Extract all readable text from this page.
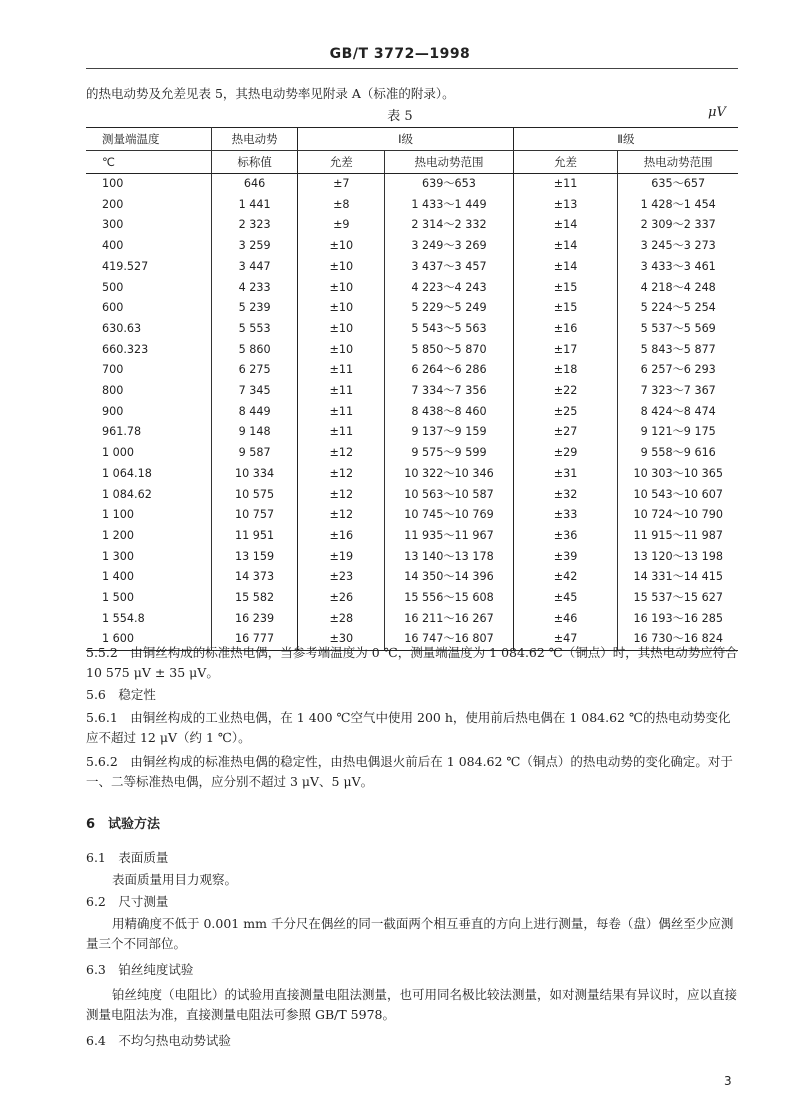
GB/T 3772—1998
的热电动势及允差见表 5，其热电动势率见附录 A（标准的附录）。
表 5	μV
测量端温度	热电动势	Ⅰ级		Ⅱ级	
℃	标称值	允差	热电动势范围	允差	热电动势范围
100	646	±7	639～653	±11	635～657
200	1 441	±8	1 433～1 449	±13	1 428～1 454
300	2 323	±9	2 314～2 332	±14	2 309～2 337
400	3 259	±10	3 249～3 269	±14	3 245～3 273
419.527	3 447	±10	3 437～3 457	±14	3 433～3 461
500	4 233	±10	4 223～4 243	±15	4 218～4 248
600	5 239	±10	5 229～5 249	±15	5 224～5 254
630.63	5 553	±10	5 543～5 563	±16	5 537～5 569
660.323	5 860	±10	5 850～5 870	±17	5 843～5 877
700	6 275	±11	6 264～6 286	±18	6 257～6 293
800	7 345	±11	7 334～7 356	±22	7 323～7 367
900	8 449	±11	8 438～8 460	±25	8 424～8 474
961.78	9 148	±11	9 137～9 159	±27	9 121～9 175
1 000	9 587	±12	9 575～9 599	±29	9 558～9 616
1 064.18	10 334	±12	10 322～10 346	±31	10 303～10 365
1 084.62	10 575	±12	10 563～10 587	±32	10 543～10 607
1 100	10 757	±12	10 745～10 769	±33	10 724～10 790
1 200	11 951	±16	11 935～11 967	±36	11 915～11 987
1 300	13 159	±19	13 140～13 178	±39	13 120～13 198
1 400	14 373	±23	14 350～14 396	±42	14 331～14 415
1 500	15 582	±26	15 556～15 608	±45	15 537～15 627
1 554.8	16 239	±28	16 211～16 267	±46	16 193～16 285
1 600	16 777	±30	16 747～16 807	±47	16 730～16 824
5.5.2　由铜丝构成的标准热电偶，当参考端温度为 0 ℃，测量端温度为 1 084.62 ℃（铜点）时，其热电动势应符合 10 575 μV ± 35 μV。
5.6　稳定性
5.6.1　由铜丝构成的工业热电偶，在 1 400 ℃空气中使用 200 h，使用前后热电偶在 1 084.62 ℃的热电动势变化应不超过 12 μV（约 1 ℃）。
5.6.2　由铜丝构成的标准热电偶的稳定性，由热电偶退火前后在 1 084.62 ℃（铜点）的热电动势的变化确定。对于一、二等标准热电偶，应分别不超过 3 μV、5 μV。
6　试验方法
6.1　表面质量
表面质量用目力观察。
6.2　尺寸测量
用精确度不低于 0.001 mm 千分尺在偶丝的同一截面两个相互垂直的方向上进行测量，每卷（盘）偶丝至少应测量三个不同部位。
6.3　铂丝纯度试验
铂丝纯度（电阻比）的试验用直接测量电阻法测量，也可用同名极比较法测量，如对测量结果有异议时，应以直接测量电阻法为准，直接测量电阻法可参照 GB/T 5978。
6.4　不均匀热电动势试验
3
